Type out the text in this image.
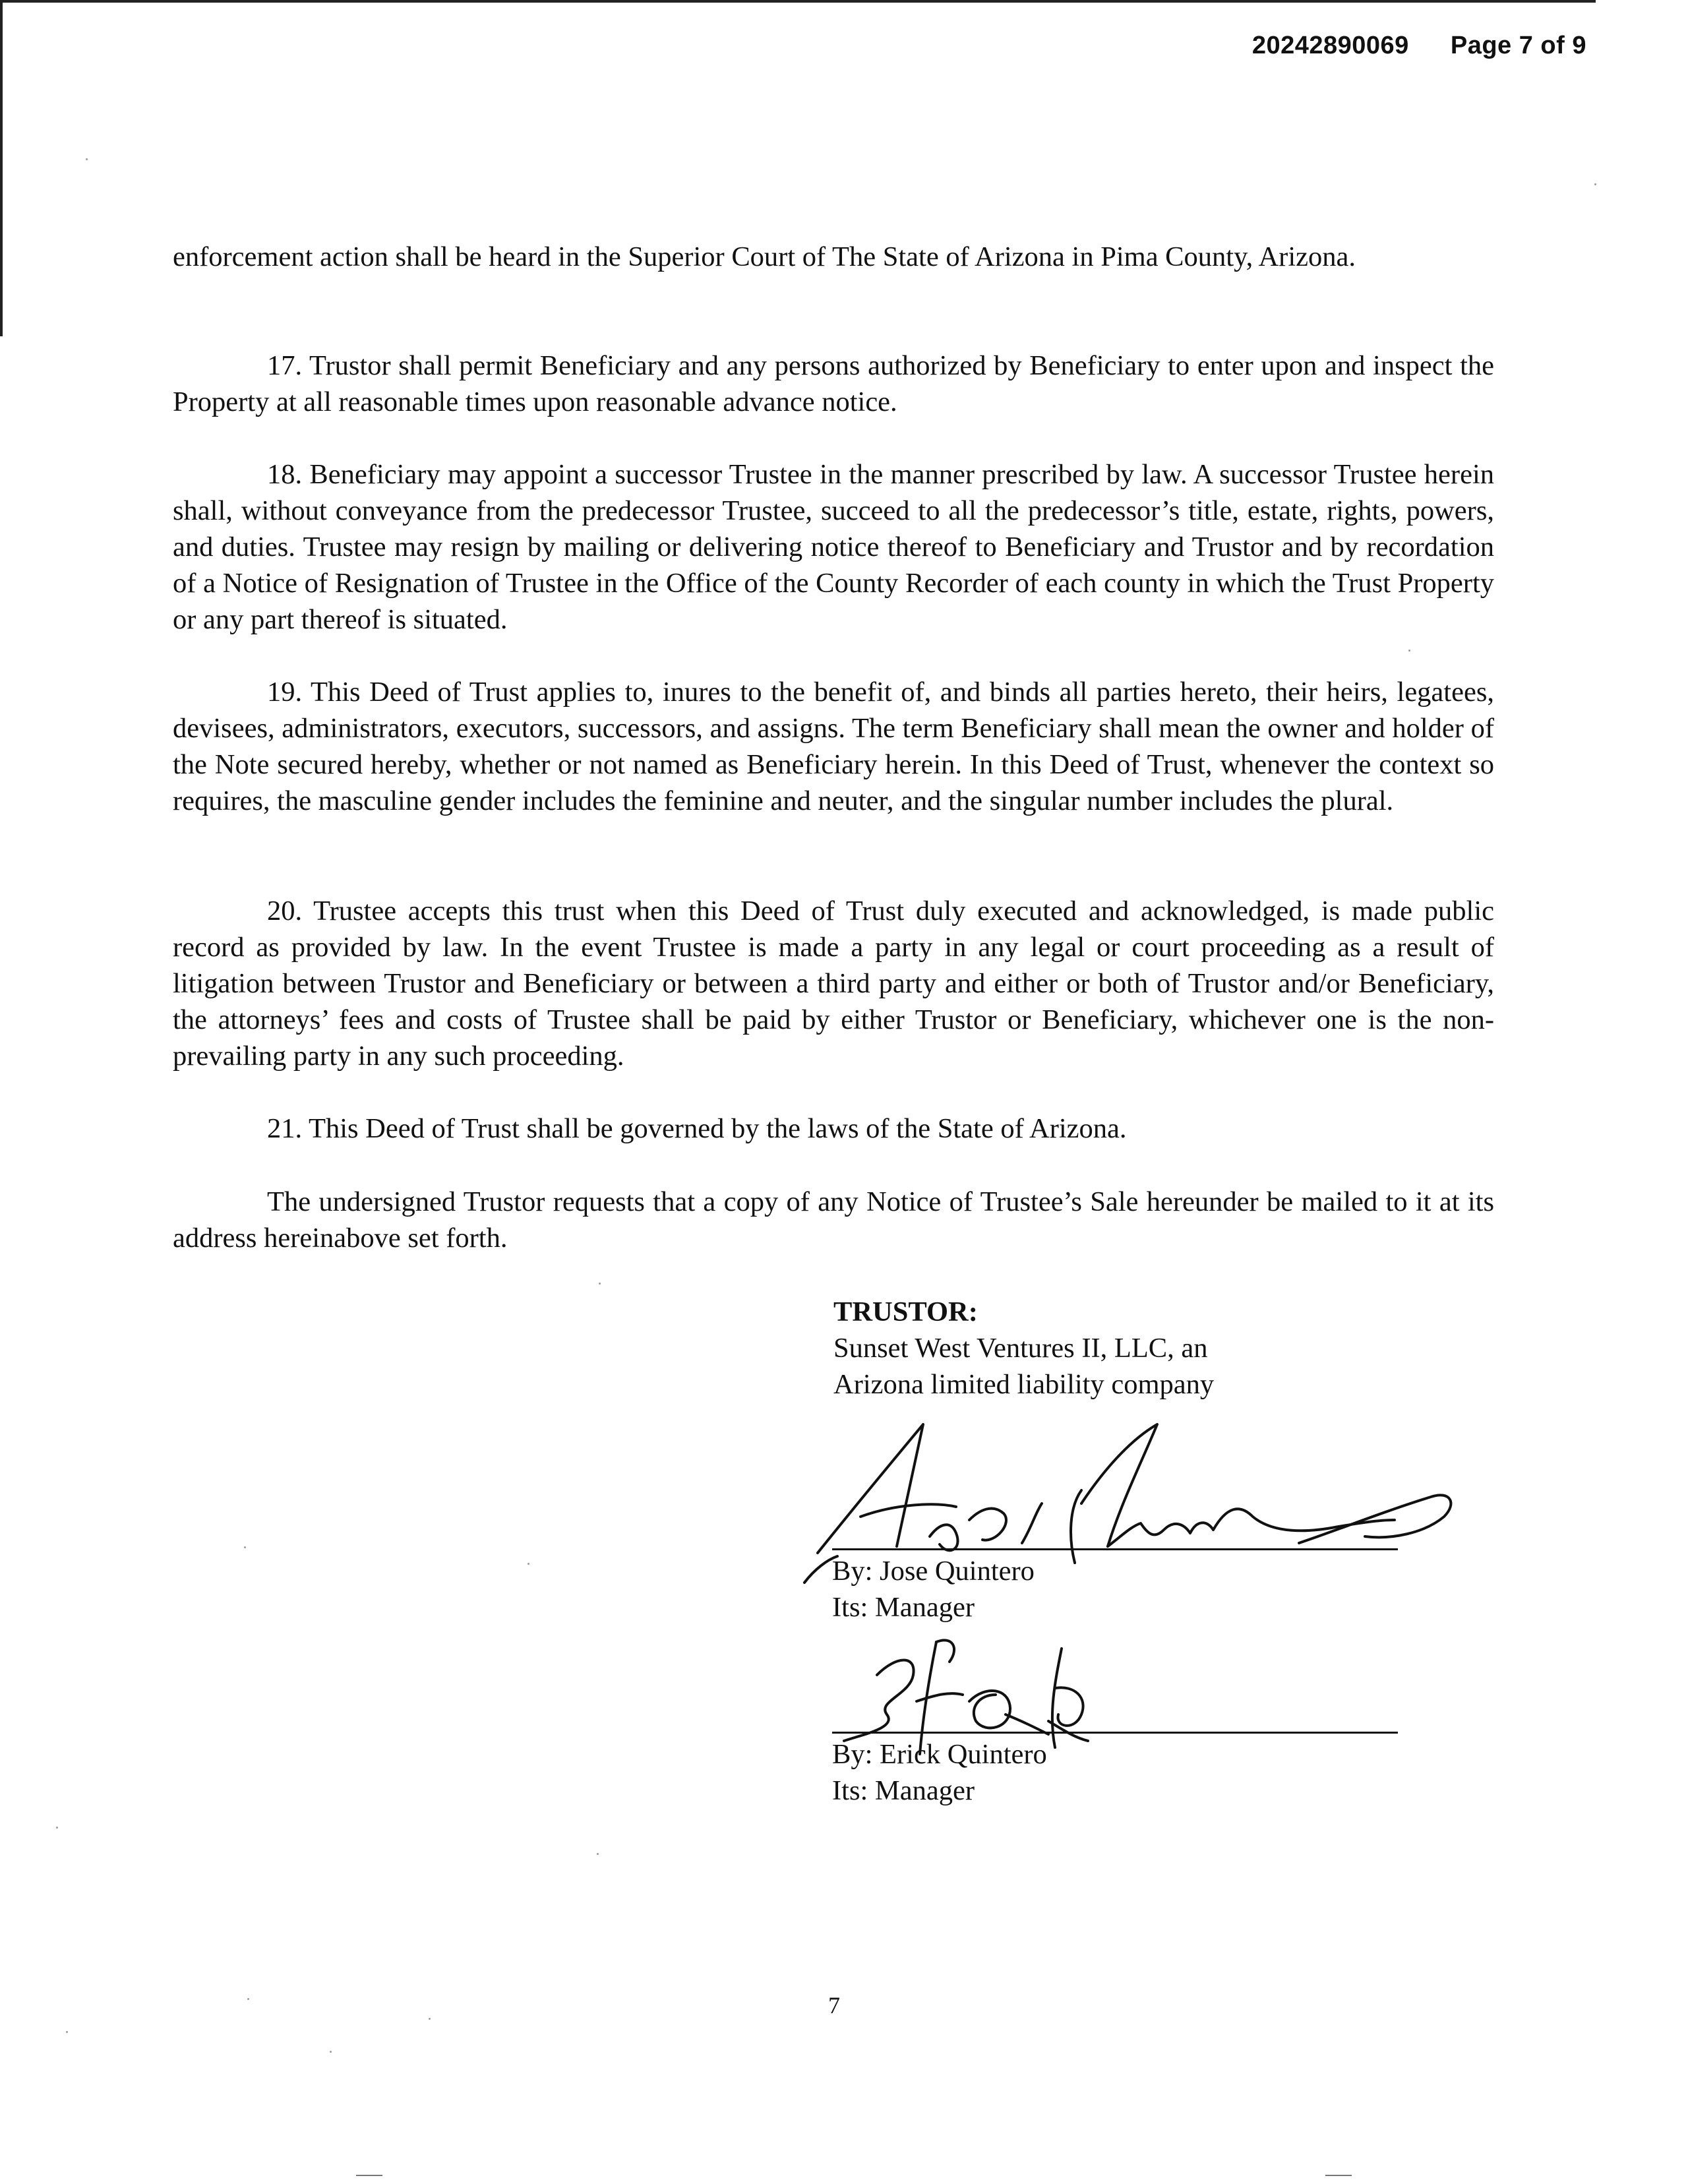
20242890069 Page 7 of 9

enforcement action shall be heard in the Superior Court of The State of Arizona in Pima County, Arizona.

17. Trustor shall permit Beneficiary and any persons authorized by Beneficiary to enter upon and inspect the Property at all reasonable times upon reasonable advance notice.

18. Beneficiary may appoint a successor Trustee in the manner prescribed by law. A successor Trustee herein shall, without conveyance from the predecessor Trustee, succeed to all the predecessor’s title, estate, rights, powers, and duties. Trustee may resign by mailing or delivering notice thereof to Beneficiary and Trustor and by recordation of a Notice of Resignation of Trustee in the Office of the County Recorder of each county in which the Trust Property or any part thereof is situated.

19. This Deed of Trust applies to, inures to the benefit of, and binds all parties hereto, their heirs, legatees, devisees, administrators, executors, successors, and assigns. The term Beneficiary shall mean the owner and holder of the Note secured hereby, whether or not named as Beneficiary herein. In this Deed of Trust, whenever the context so requires, the masculine gender includes the feminine and neuter, and the singular number includes the plural.

20. Trustee accepts this trust when this Deed of Trust duly executed and acknowledged, is made public record as provided by law. In the event Trustee is made a party in any legal or court proceeding as a result of litigation between Trustor and Beneficiary or between a third party and either or both of Trustor and/or Beneficiary, the attorneys’ fees and costs of Trustee shall be paid by either Trustor or Beneficiary, whichever one is the non-prevailing party in any such proceeding.

21. This Deed of Trust shall be governed by the laws of the State of Arizona.

The undersigned Trustor requests that a copy of any Notice of Trustee’s Sale hereunder be mailed to it at its address hereinabove set forth.

TRUSTOR:
Sunset West Ventures II, LLC, an
Arizona limited liability company
By: Jose Quintero
Its: Manager
By: Erick Quintero
Its: Manager
7
